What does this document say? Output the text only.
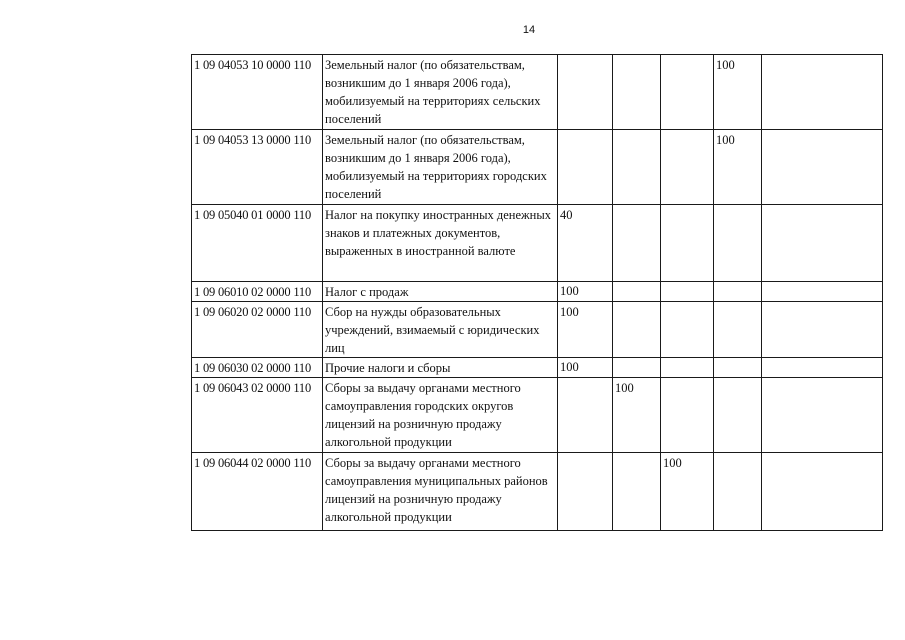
14
1 09 04053 10 0000 110	Земельный налог (по обязательствам, возникшим до 1 января 2006 года), мобилизуемый на территориях сельских поселений				100	
1 09 04053 13 0000 110	Земельный налог (по обязательствам, возникшим до 1 января 2006 года), мобилизуемый на территориях городских поселений				100	
1 09 05040 01 0000 110	Налог на покупку иностранных денежных знаков и платежных документов, выраженных в иностранной валюте	40				
1 09 06010 02 0000 110	Налог с продаж	100				
1 09 06020 02 0000 110	Сбор на нужды образовательных учреждений, взимаемый с юридических лиц	100				
1 09 06030 02 0000 110	Прочие налоги и сборы	100				
1 09 06043 02 0000 110	Сборы за выдачу органами местного самоуправления городских округов лицензий на розничную продажу алкогольной продукции		100			
1 09 06044 02 0000 110	Сборы за выдачу органами местного самоуправления муниципальных районов лицензий на розничную продажу алкогольной продукции			100		
